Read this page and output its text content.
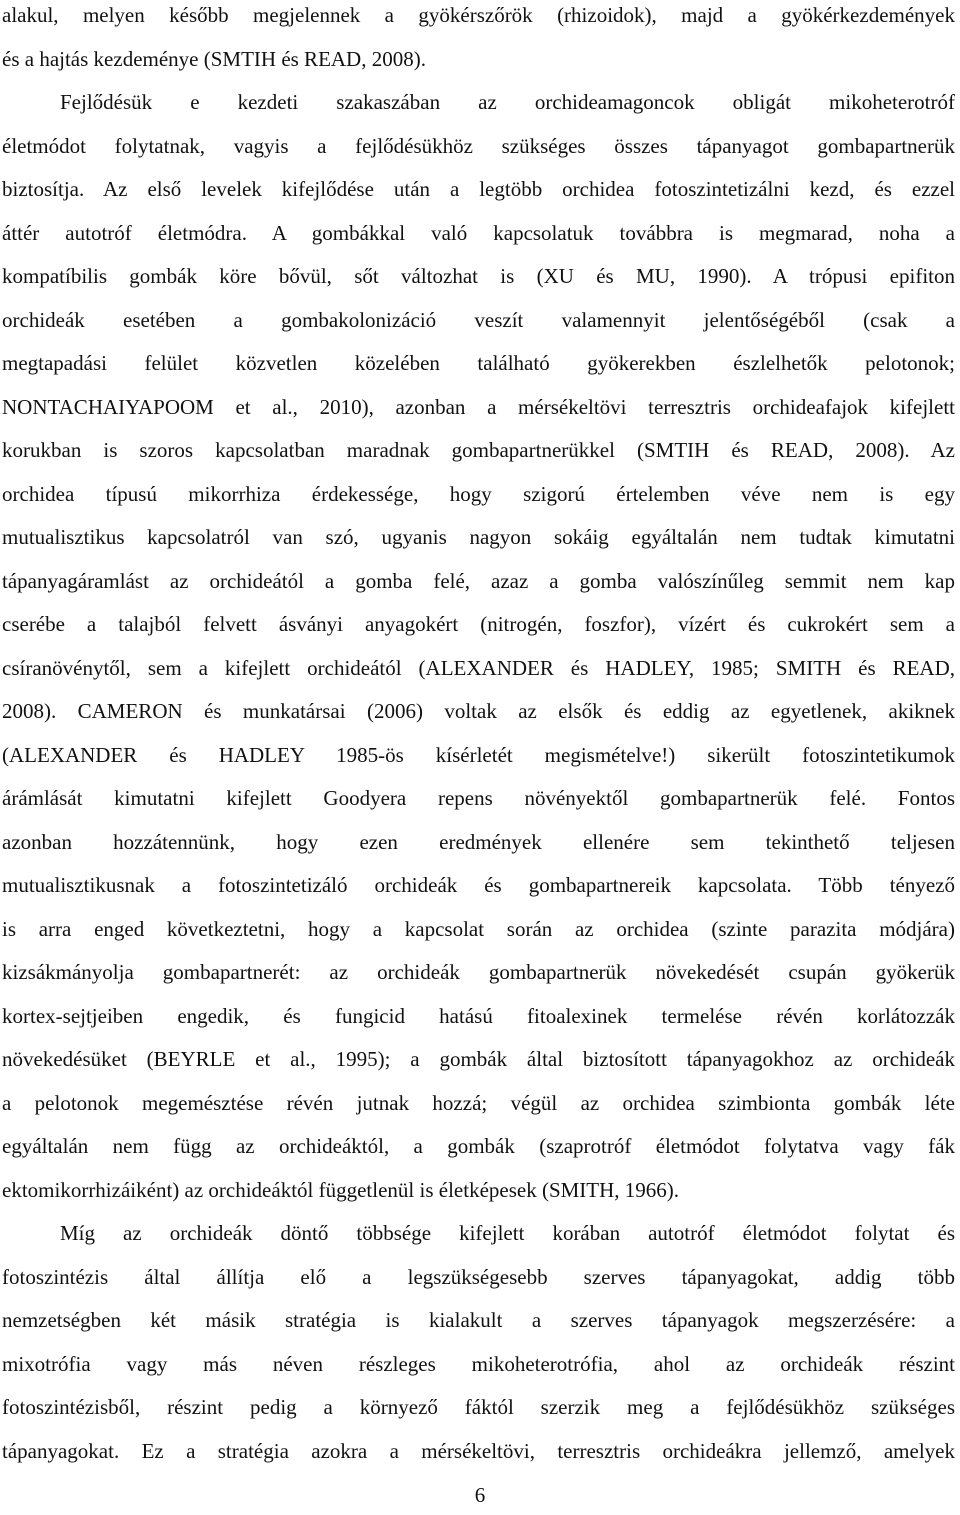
alakul, melyen később megjelennek a gyökérszőrök (rhizoidok), majd a gyökérkezdemények
és a hajtás kezdeménye (SMTIH és READ, 2008).

Fejlődésük e kezdeti szakaszában az orchideamagoncok obligát mikoheterotróf
életmódot folytatnak, vagyis a fejlődésükhöz szükséges összes tápanyagot gombapartnerük
biztosítja. Az első levelek kifejlődése után a legtöbb orchidea fotoszintetizálni kezd, és ezzel
áttér autotróf életmódra. A gombákkal való kapcsolatuk továbbra is megmarad, noha a
kompatíbilis gombák köre bővül, sőt változhat is (XU és MU, 1990). A trópusi epifiton
orchideák esetében a gombakolonizáció veszít valamennyit jelentőségéből (csak a
megtapadási felület közvetlen közelében található gyökerekben észlelhetők pelotonok;
NONTACHAIYAPOOM et al., 2010), azonban a mérsékeltövi terresztris orchideafajok kifejlett
korukban is szoros kapcsolatban maradnak gombapartnerükkel (SMTIH és READ, 2008). Az
orchidea típusú mikorrhiza érdekessége, hogy szigorú értelemben véve nem is egy
mutualisztikus kapcsolatról van szó, ugyanis nagyon sokáig egyáltalán nem tudtak kimutatni
tápanyagáramlást az orchideától a gomba felé, azaz a gomba valószínűleg semmit nem kap
cserébe a talajból felvett ásványi anyagokért (nitrogén, foszfor), vízért és cukrokért sem a
csíranövénytől, sem a kifejlett orchideától (ALEXANDER és HADLEY, 1985; SMITH és READ,
2008). CAMERON és munkatársai (2006) voltak az elsők és eddig az egyetlenek, akiknek
(ALEXANDER és HADLEY 1985-ös kísérletét megismételve!) sikerült fotoszintetikumok
árámlását kimutatni kifejlett Goodyera repens növényektől gombapartnerük felé. Fontos
azonban hozzátennünk, hogy ezen eredmények ellenére sem tekinthető teljesen
mutualisztikusnak a fotoszintetizáló orchideák és gombapartnereik kapcsolata. Több tényező
is arra enged következtetni, hogy a kapcsolat során az orchidea (szinte parazita módjára)
kizsákmányolja gombapartnerét: az orchideák gombapartnerük növekedését csupán gyökerük
kortex-sejtjeiben engedik, és fungicid hatású fitoalexinek termelése révén korlátozzák
növekedésüket (BEYRLE et al., 1995); a gombák által biztosított tápanyagokhoz az orchideák
a pelotonok megemésztése révén jutnak hozzá; végül az orchidea szimbionta gombák léte
egyáltalán nem függ az orchideáktól, a gombák (szaprotróf életmódot folytatva vagy fák
ektomikorrhizáiként) az orchideáktól függetlenül is életképesek (SMITH, 1966).

Míg az orchideák döntő többsége kifejlett korában autotróf életmódot folytat és
fotoszintézis által állítja elő a legszükségesebb szerves tápanyagokat, addig több
nemzetségben két másik stratégia is kialakult a szerves tápanyagok megszerzésére: a
mixotrófia vagy más néven részleges mikoheterotrófia, ahol az orchideák részint
fotoszintézisből, részint pedig a környező fáktól szerzik meg a fejlődésükhöz szükséges
tápanyagokat. Ez a stratégia azokra a mérsékeltövi, terresztris orchideákra jellemző, amelyek

6
